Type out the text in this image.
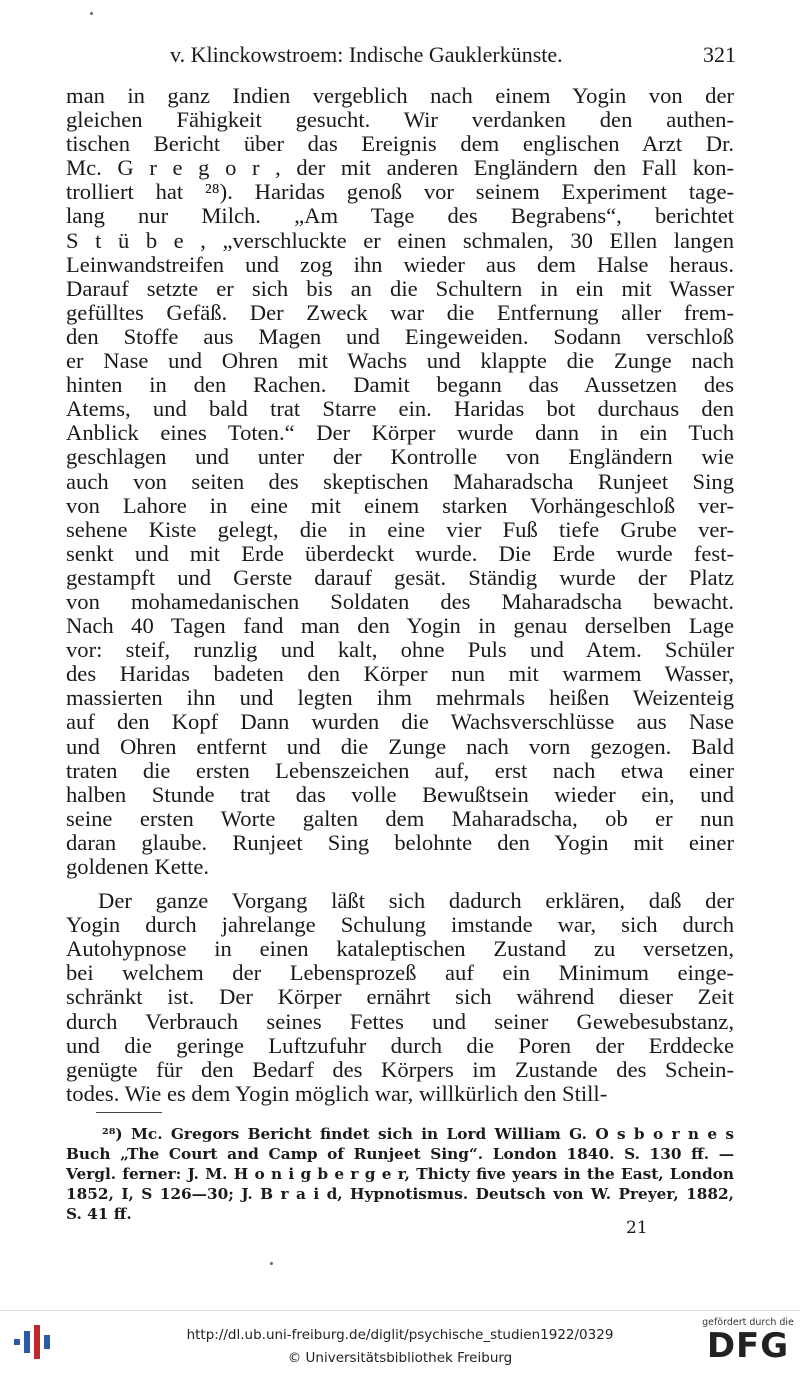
v. Klinckowstroem: Indische Gauklerkünste.	321
man in ganz Indien vergeblich nach einem Yogin von der
gleichen Fähigkeit gesucht. Wir verdanken den authen-
tischen Bericht über das Ereignis dem englischen Arzt Dr.
Mc. G r e g o r , der mit anderen Engländern den Fall kon-
trolliert hat ²⁸). Haridas genoß vor seinem Experiment tage-
lang nur Milch. „Am Tage des Begrabens“, berichtet
S t ü b e , „verschluckte er einen schmalen, 30 Ellen langen
Leinwandstreifen und zog ihn wieder aus dem Halse heraus.
Darauf setzte er sich bis an die Schultern in ein mit Wasser
gefülltes Gefäß. Der Zweck war die Entfernung aller frem-
den Stoffe aus Magen und Eingeweiden. Sodann verschloß
er Nase und Ohren mit Wachs und klappte die Zunge nach
hinten in den Rachen. Damit begann das Aussetzen des
Atems, und bald trat Starre ein. Haridas bot durchaus den
Anblick eines Toten.“ Der Körper wurde dann in ein Tuch
geschlagen und unter der Kontrolle von Engländern wie
auch von seiten des skeptischen Maharadscha Runjeet Sing
von Lahore in eine mit einem starken Vorhängeschloß ver-
sehene Kiste gelegt, die in eine vier Fuß tiefe Grube ver-
senkt und mit Erde überdeckt wurde. Die Erde wurde fest-
gestampft und Gerste darauf gesät. Ständig wurde der Platz
von mohamedanischen Soldaten des Maharadscha bewacht.
Nach 40 Tagen fand man den Yogin in genau derselben Lage
vor: steif, runzlig und kalt, ohne Puls und Atem. Schüler
des Haridas badeten den Körper nun mit warmem Wasser,
massierten ihn und legten ihm mehrmals heißen Weizenteig
auf den Kopf Dann wurden die Wachsverschlüsse aus Nase
und Ohren entfernt und die Zunge nach vorn gezogen. Bald
traten die ersten Lebenszeichen auf, erst nach etwa einer
halben Stunde trat das volle Bewußtsein wieder ein, und
seine ersten Worte galten dem Maharadscha, ob er nun
daran glaube. Runjeet Sing belohnte den Yogin mit einer
goldenen Kette.
Der ganze Vorgang läßt sich dadurch erklären, daß der
Yogin durch jahrelange Schulung imstande war, sich durch
Autohypnose in einen kataleptischen Zustand zu versetzen,
bei welchem der Lebensprozeß auf ein Minimum einge-
schränkt ist. Der Körper ernährt sich während dieser Zeit
durch Verbrauch seines Fettes und seiner Gewebesubstanz,
und die geringe Luftzufuhr durch die Poren der Erddecke
genügte für den Bedarf des Körpers im Zustande des Schein-
todes. Wie es dem Yogin möglich war, willkürlich den Still-
²⁸) Mc. Gregors Bericht findet sich in Lord William G. O s b o r n e s
Buch „The Court and Camp of Runjeet Sing“. London 1840. S. 130 ff. —
Vergl. ferner: J. M. H o n i g b e r g e r, Thicty five years in the East, London
1852, I, S 126—30; J. B r a i d, Hypnotismus. Deutsch von W. Preyer, 1882,
S. 41 ff.
21
http://dl.ub.uni-freiburg.de/diglit/psychische_studien1922/0329
© Universitätsbibliothek Freiburg
gefördert durch die
DFG
